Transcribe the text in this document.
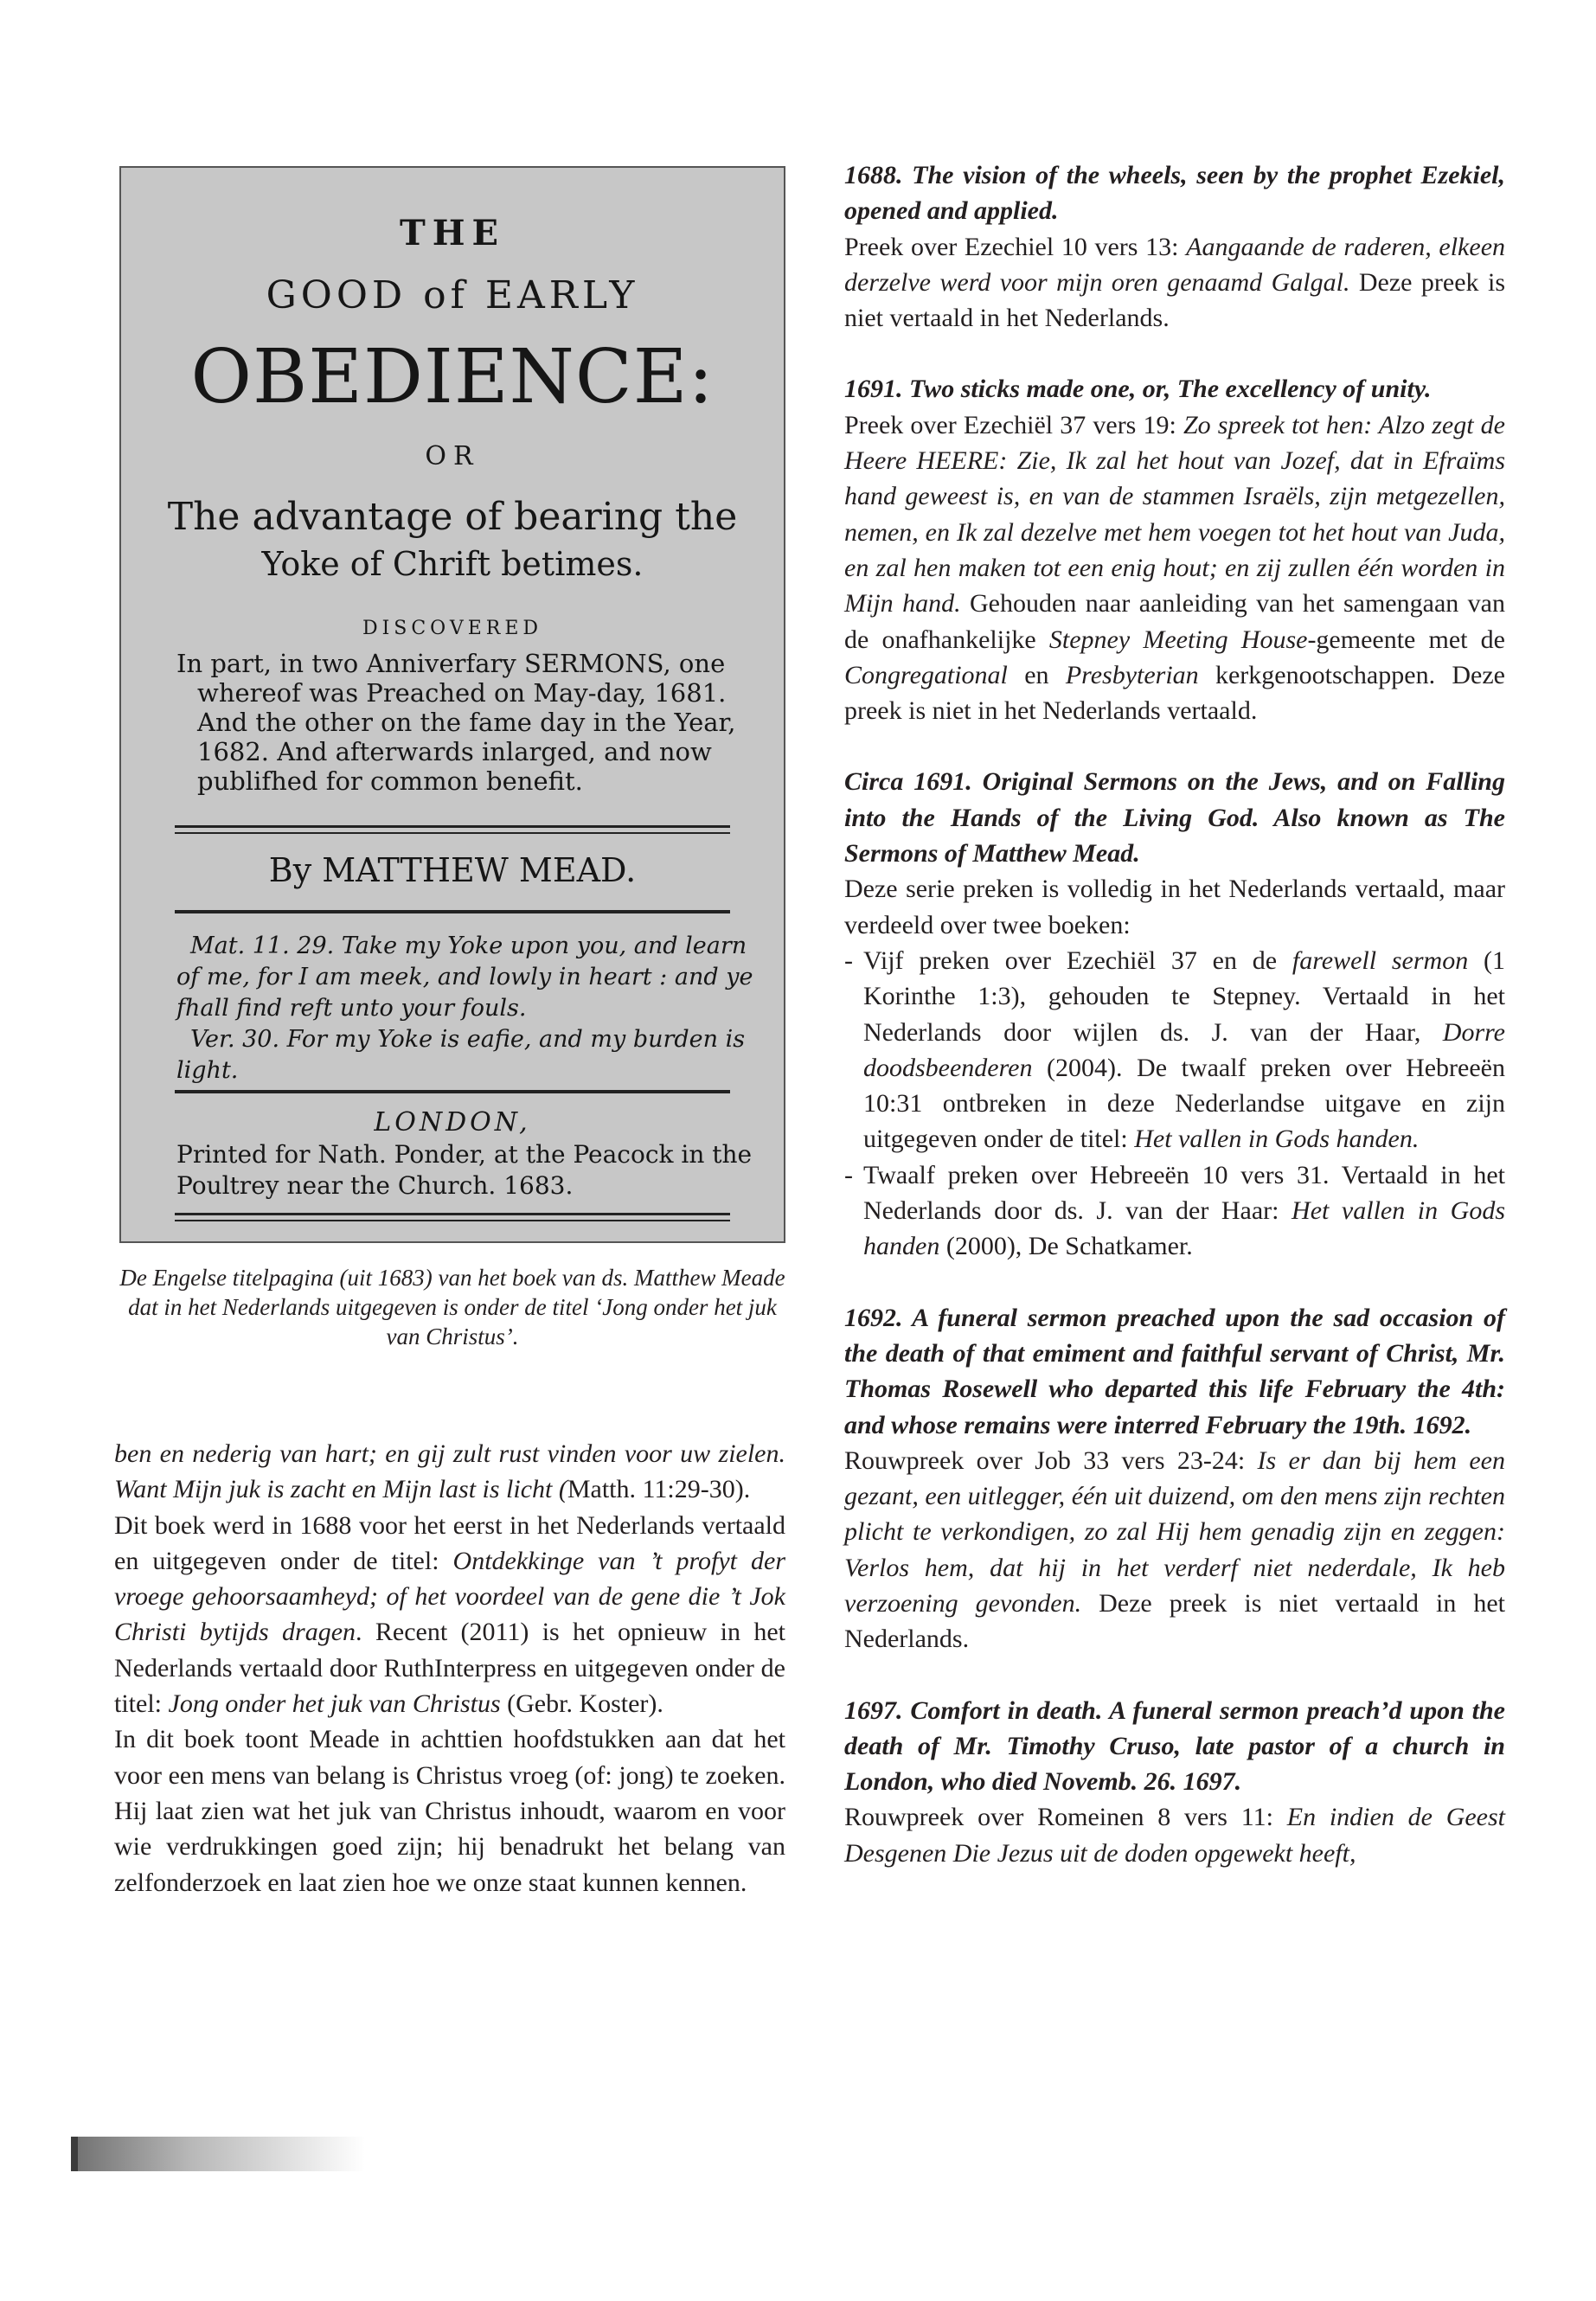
THE
GOOD of EARLY
OBEDIENCE:
OR
The advantage of bearing the
Yoke of Chrift betimes.
DISCOVERED
In part, in two Anniverfary SERMONS, one
whereof was Preached on May-day, 1681.
And the other on the fame day in the Year,
1682. And afterwards inlarged, and now
publifhed for common benefit.
By MATTHEW MEAD.
Mat. 11. 29. Take my Yoke upon you, and learn
of me, for I am meek, and lowly in heart : and ye
fhall find reft unto your fouls.
Ver. 30. For my Yoke is eafie, and my burden is
light.
LONDON,
Printed for Nath. Ponder, at the Peacock in the
Poultrey near the Church. 1683.
De Engelse titelpagina (uit 1683) van het boek van ds. Matthew Meade dat in het Nederlands uitgegeven is onder de titel ‘Jong onder het juk van Christus’.

ben en nederig van hart; en gij zult rust vinden voor uw zielen. Want Mijn juk is zacht en Mijn last is licht (Matth. 11:29-30).

Dit boek werd in 1688 voor het eerst in het Nederlands vertaald en uitgegeven onder de titel: Ontdekkinge van ’t profyt der vroege gehoorsaamheyd; of het voordeel van de gene die ’t Jok Christi bytijds dragen. Recent (2011) is het opnieuw in het Nederlands vertaald door RuthInterpress en uitgegeven onder de titel: Jong onder het juk van Christus (Gebr. Koster).

In dit boek toont Meade in achttien hoofdstukken aan dat het voor een mens van belang is Christus vroeg (of: jong) te zoeken. Hij laat zien wat het juk van Christus inhoudt, waarom en voor wie verdrukkingen goed zijn; hij benadrukt het belang van zelfonderzoek en laat zien hoe we onze staat kunnen kennen.

1688. The vision of the wheels, seen by the prophet Ezekiel, opened and applied.

Preek over Ezechiel 10 vers 13: Aangaande de raderen, elkeen derzelve werd voor mijn oren genaamd Galgal. Deze preek is niet vertaald in het Nederlands.

1691. Two sticks made one, or, The excellency of unity.

Preek over Ezechiël 37 vers 19: Zo spreek tot hen: Alzo zegt de Heere HEERE: Zie, Ik zal het hout van Jozef, dat in Efraïms hand geweest is, en van de stammen Israëls, zijn metgezellen, nemen, en Ik zal dezelve met hem voegen tot het hout van Juda, en zal hen maken tot een enig hout; en zij zullen één worden in Mijn hand. Gehouden naar aanleiding van het samengaan van de onafhankelijke Stepney Meeting House-gemeente met de Congregational en Presbyterian kerkgenootschappen. Deze preek is niet in het Nederlands vertaald.

Circa 1691. Original Sermons on the Jews, and on Falling into the Hands of the Living God. Also known as The Sermons of Matthew Mead.

Deze serie preken is volledig in het Nederlands vertaald, maar verdeeld over twee boeken:

- Vijf preken over Ezechiël 37 en de farewell sermon (1 Korinthe 1:3), gehouden te Stepney. Vertaald in het Nederlands door wijlen ds. J. van der Haar, Dorre doodsbeenderen (2004). De twaalf preken over Hebreeën 10:31 ontbreken in deze Nederlandse uitgave en zijn uitgegeven onder de titel: Het vallen in Gods handen.
- Twaalf preken over Hebreeën 10 vers 31. Vertaald in het Nederlands door ds. J. van der Haar: Het vallen in Gods handen (2000), De Schatkamer.

1692. A funeral sermon preached upon the sad occasion of the death of that emiment and faithful servant of Christ, Mr. Thomas Rosewell who departed this life February the 4th: and whose remains were interred February the 19th. 1692.

Rouwpreek over Job 33 vers 23-24: Is er dan bij hem een gezant, een uitlegger, één uit duizend, om den mens zijn rechten plicht te verkondigen, zo zal Hij hem genadig zijn en zeggen: Verlos hem, dat hij in het verderf niet nederdale, Ik heb verzoening gevonden. Deze preek is niet vertaald in het Nederlands.

1697. Comfort in death. A funeral sermon preach’d upon the death of Mr. Timothy Cruso, late pastor of a church in London, who died Novemb. 26. 1697.

Rouwpreek over Romeinen 8 vers 11: En indien de Geest Desgenen Die Jezus uit de doden opgewekt heeft,

214
